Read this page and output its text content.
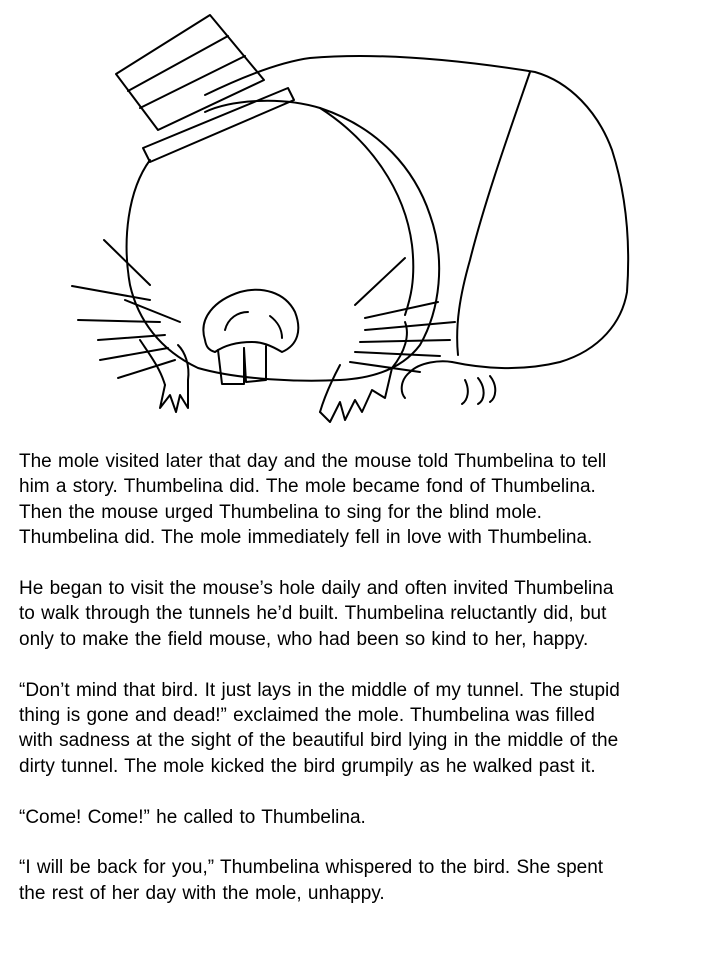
The mole visited later that day and the mouse told Thumbelina to tell
him a story. Thumbelina did. The mole became fond of Thumbelina.
Then the mouse urged Thumbelina to sing for the blind mole.
Thumbelina did. The mole immediately fell in love with Thumbelina.

He began to visit the mouse’s hole daily and often invited Thumbelina
to walk through the tunnels he’d built. Thumbelina reluctantly did, but
only to make the field mouse, who had been so kind to her, happy.

“Don’t mind that bird. It just lays in the middle of my tunnel. The stupid
thing is gone and dead!” exclaimed the mole. Thumbelina was filled
with sadness at the sight of the beautiful bird lying in the middle of the
dirty tunnel. The mole kicked the bird grumpily as he walked past it.

“Come! Come!” he called to Thumbelina.

“I will be back for you,” Thumbelina whispered to the bird. She spent
the rest of her day with the mole, unhappy.
